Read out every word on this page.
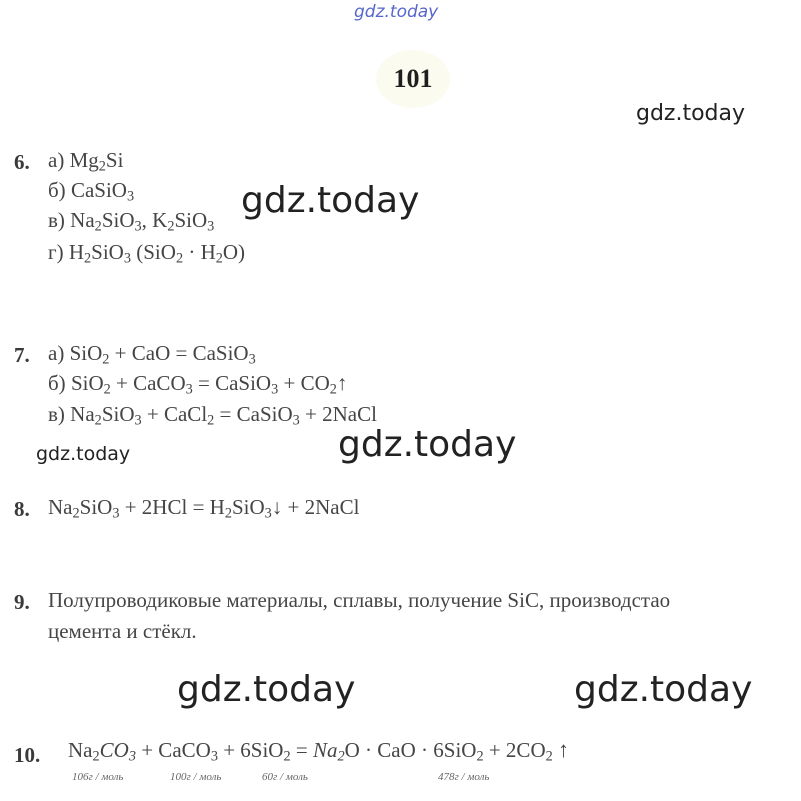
gdz.today
gdz.today
gdz.today
gdz.today	gdz.today
gdz.today	gdz.today
101
6. а) $Mg_2Si$
б) CaSiO$_3$
в) $Na_2SiO_3$, $K_2SiO_3$
г) $H_2SiO_3$ $(SiO_2 \cdot H_2O)$
7. а) SiO$_2$ + CaO = CaSiO$_3$
б) SiO$_2$ + CaCO$_3$ = CaSiO$_3$ + $CO_2↑$
в) $Na_2SiO_3$ + CaCl$_2$ = CaSiO$_3$ + 2NaCl
8. $Na_2SiO_3 + 2HCl$ = $H_2SiO_3↓$ + 2NaCl
9. Полупроводиковые материалы, сплавы, получение SiC, производстао
цемента и стёкл.
10. $Na_2CO_3$ + CaCO$_3$ + $6SiO_2 = Na_2O$ · CaO · $6SiO_2 + 2CO_2$ ↑
106г / моль	100г / моль	60г / моль	478г / моль
